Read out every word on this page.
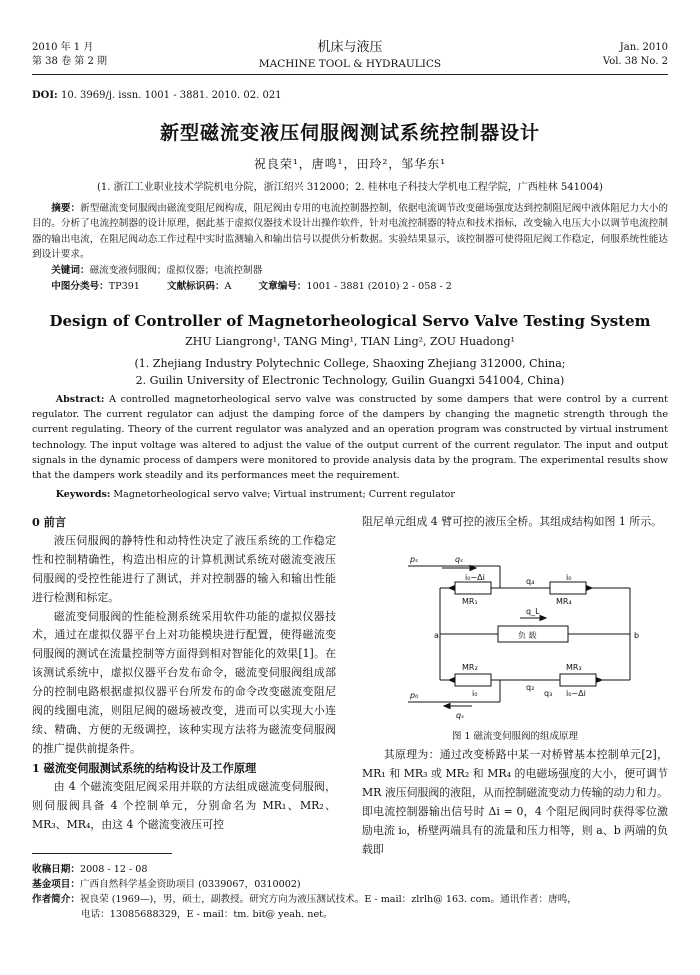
2010 年 1 月
第 38 卷 第 2 期
机床与液压
MACHINE TOOL & HYDRAULICS
Jan. 2010
Vol. 38 No. 2
DOI: 10. 3969/j. issn. 1001 - 3881. 2010. 02. 021
新型磁流变液压伺服阀测试系统控制器设计
祝良荣¹，唐鸣¹，田玲²，邹华东¹
(1. 浙江工业职业技术学院机电分院，浙江绍兴 312000；2. 桂林电子科技大学机电工程学院，广西桂林 541004)
摘要：新型磁流变伺服阀由磁流变阻尼阀构成，阻尼阀由专用的电流控制器控制，依据电流调节改变磁场强度达到控制阻尼阀中液体阻尼力大小的目的。分析了电流控制器的设计原理，据此基于虚拟仪器技术设计出操作软件，针对电流控制器的特点和技术指标，改变输入电压大小以调节电流控制器的输出电流，在阻尼阀动态工作过程中实时监测输入和输出信号以提供分析数据。实验结果显示，该控制器可使得阻尼阀工作稳定，伺服系统性能达到设计要求。
关键词：磁流变液伺服阀；虚拟仪器；电流控制器
中图分类号：TP391	文献标识码：A	文章编号：1001 - 3881 (2010) 2 - 058 - 2
Design of Controller of Magnetorheological Servo Valve Testing System
ZHU Liangrong¹, TANG Ming¹, TIAN Ling², ZOU Huadong¹
(1. Zhejiang Industry Polytechnic College, Shaoxing Zhejiang 312000, China;
2. Guilin University of Electronic Technology, Guilin Guangxi 541004, China)
Abstract: A controlled magnetorheological servo valve was constructed by some dampers that were control by a current regulator. The current regulator can adjust the damping force of the dampers by changing the magnetic strength through the current regulating. Theory of the current regulator was analyzed and an operation program was constructed by virtual instrument technology. The input voltage was altered to adjust the value of the output current of the current regulator. The input and output signals in the dynamic process of dampers were monitored to provide analysis data by the program. The experimental results show that the dampers work steadily and its performances meet the requirement.
Keywords: Magnetorheological servo valve; Virtual instrument; Current regulator
0 前言
液压伺服阀的静特性和动特性决定了液压系统的工作稳定性和控制精确性，构造出相应的计算机测试系统对磁流变液压伺服阀的受控性能进行了测试，并对控制器的输入和输出性能进行检测和标定。
磁流变伺服阀的性能检测系统采用软件功能的虚拟仪器技术，通过在虚拟仪器平台上对功能模块进行配置，使得磁流变伺服阀的测试在流量控制等方面得到相对智能化的效果[1]。在该测试系统中，虚拟仪器平台发布命令，磁流变伺服阀组成部分的控制电路根据虚拟仪器平台所发布的命令改变磁流变阻尼阀的线圈电流，则阻尼阀的磁场被改变，进而可以实现大小连续、精确、方便的无级调控，该种实现方法将为磁流变伺服阀的推广提供前提条件。
1 磁流变伺服测试系统的结构设计及工作原理
由 4 个磁流变阻尼阀采用并联的方法组成磁流变伺服阀，则伺服阀具备 4 个控制单元，分别命名为 MR₁、MR₂、MR₃、MR₄，由这 4 个磁流变液压可控
阻尼单元组成 4 臂可控的液压全桥。其组成结构如图 1 所示。
pₛ	qₛ
i₀−Δi	q₄	i₀
MR₁	MR₄
q_L
a	b
负 载
MR₂	MR₃
i₀
q₂
q₃ i₀−Δi
p₀
qₛ
图 1 磁流变伺服阀的组成原理
其原理为：通过改变桥路中某一对桥臂基本控制单元[2]，MR₁ 和 MR₃ 或 MR₂ 和 MR₄ 的电磁场强度的大小，便可调节 MR 液压伺服阀的液阻，从而控制磁流变动力传输的动力和力。即电流控制器输出信号时 Δi = 0，4 个阻尼阀同时获得零位激励电流 i₀，桥壁两端具有的流量和压力相等，则 a、b 两端的负载即
收稿日期：2008 - 12 - 08
基金项目：广西自然科学基金资助项目 (0339067，0310002)
作者简介：祝良荣 (1969—)，男，硕士，副教授。研究方向为液压测试技术。E - mail：zlrlh@ 163. com。通讯作者：唐鸣，
电话：13085688329，E - mail：tm. bit@ yeah. net。
